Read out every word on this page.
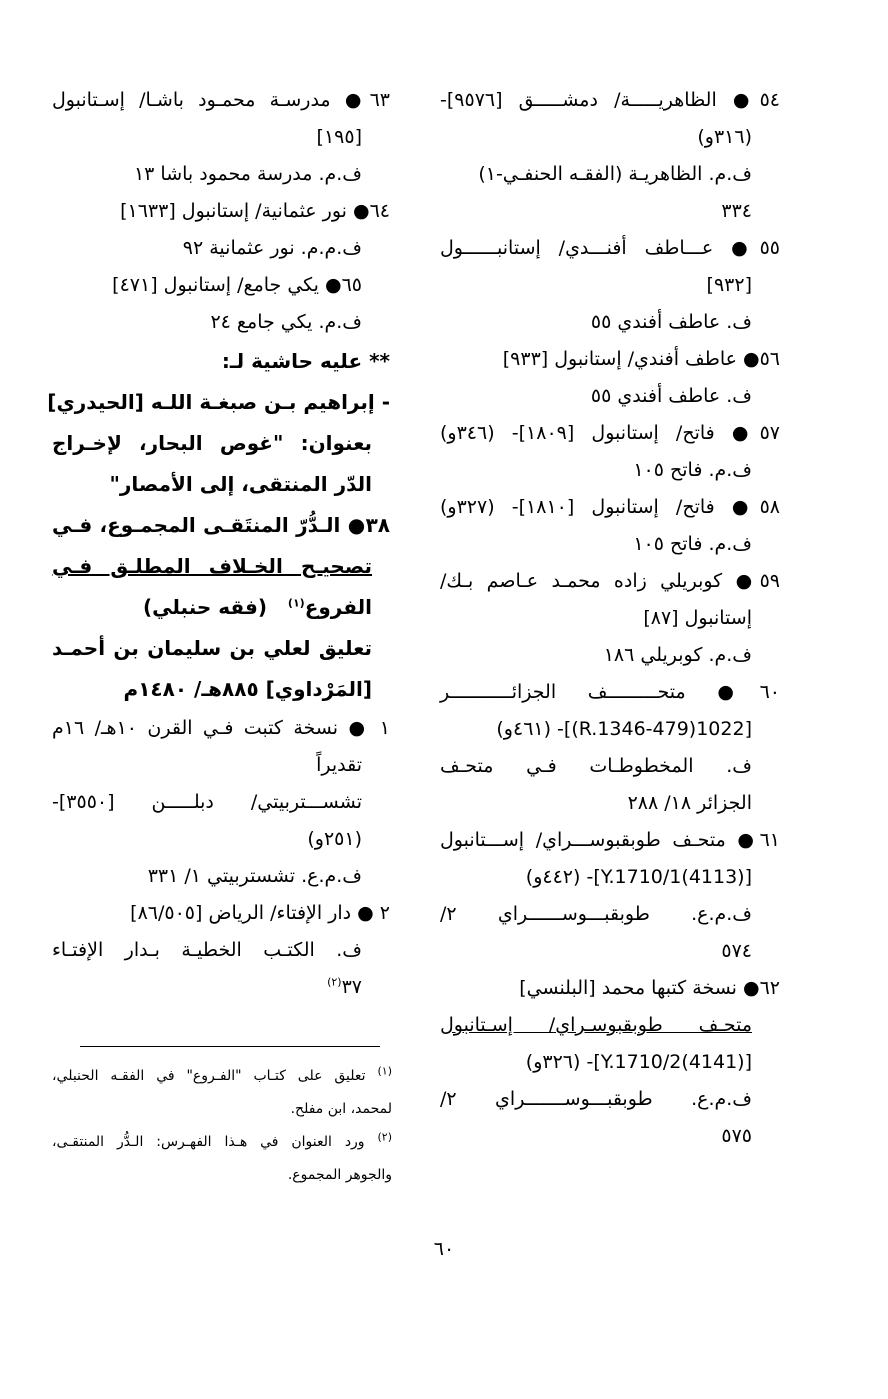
٥٤● الظاهريـــــة/ دمشـــــق [٩٥٧٦]-
(٣١٦و)
ف.م. الظاهريـة (الفقـه الحنفـي-١)
٣٣٤
٥٥● عـــاطف أفنـــدي/ إستانبــــــول
[٩٣٢]
ف. عاطف أفندي ٥٥
٥٦● عاطف أفندي/ إستانبول [٩٣٣]
ف. عاطف أفندي ٥٥
٥٧● فاتح/ إستانبول [١٨٠٩]- (٣٤٦و)
ف.م. فاتح ١٠٥
٥٨● فاتح/ إستانبول [١٨١٠]- (٣٢٧و)
ف.م. فاتح ١٠٥
٥٩● كوبريلي زاده محمـد عـاصم بـك/
إستانبول [٨٧]
ف.م. كوبريلي ١٨٦
٦٠● متحـــــــــف الجزائـــــــــــر
[1022(479-R.1346)]- (٤٦١و)
ف. المخطوطـات فـي متحـف
الجزائر ١٨/ ٢٨٨
٦١● متحـف طوبقبوســـراي/ إســـتانبول
[(4113)Y.1710/1]- (٤٤٢و)
ف.م.ع. طوبقبـــوســــــراي ٢/
٥٧٤
٦٢● نسخة كتبها محمد [البلنسي]
متحـف طوبقبوسـراي/ إسـتانبول
[(4141)Y.1710/2]- (٣٢٦و)
ف.م.ع. طوبقبـــوســـــــراي ٢/
٥٧٥
٦٣● مدرسـة محمـود باشـا/ إسـتانبول
[١٩٥]
ف.م. مدرسة محمود باشا ١٣
٦٤● نور عثمانية/ إستانبول [١٦٣٣]
ف.م.م. نور عثمانية ٩٢
٦٥● يكي جامع/ إستانبول [٤٧١]
ف.م. يكي جامع ٢٤
** عليه حاشية لـ:
- إبراهيم بـن صبغـة اللـه [الحيدري]
بعنوان: "غوص البحار، لإخـراج
الدّر المنتقى، إلى الأمصار"
٣٨● الـدُّرّ المنتَقـى المجمـوع، فـي
تصحيـح الخـلاف المطلـق فـي
الفروع$^{(١)}$   (فقه حنبلي)
تعليق لعلي بن سليمان بن أحمـد
[المَرْداوي] ٨٨٥هـ/ ١٤٨٠م
١ ● نسخة كتبت فـي القرن ١٠هـ/ ١٦م
تقديراً
تشســـتربيتي/ دبلـــــن [٣٥٥٠]-
(٢٥١و)
ف.م.ع. تشستربيتي ١/ ٣٣١
٢ ● دار الإفتاء/ الرياض [٨٦/٥٠٥]
ف. الكتـب الخطيـة بـدار الإفتـاء
٣٧$^{(٢)}$
$^{(١)}$ تعليق على كتـاب "الفـروع" في الفقـه الحنبلي،
لمحمد، ابن مفلح.
$^{(٢)}$ ورد العنوان في هـذا الفهـرس: الـدُّر المنتقـى،
والجوهر المجموع.
٦٠
